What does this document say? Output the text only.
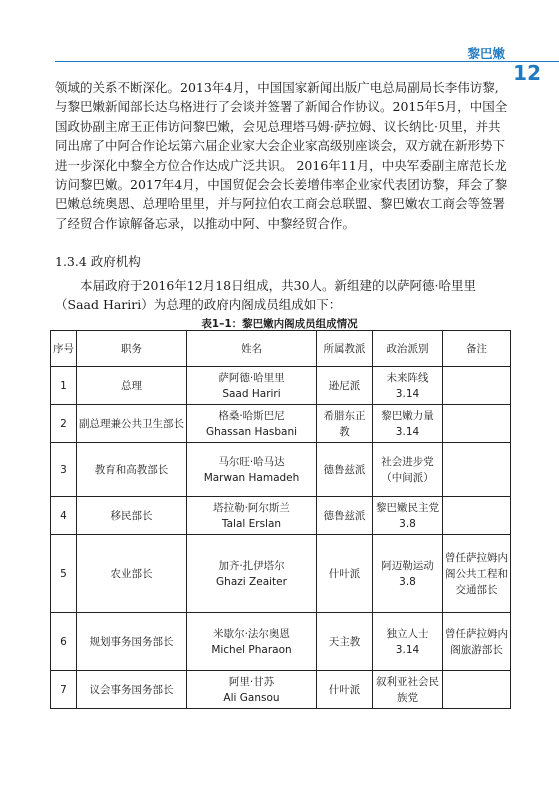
黎巴嫩
12

领域的关系不断深化。2013年4月，中国国家新闻出版广电总局副局长李伟访黎,与黎巴嫩新闻部长达乌格进行了会谈并签署了新闻合作协议。2015年5月，中国全国政协副主席王正伟访问黎巴嫩，会见总理塔马姆·萨拉姆、议长纳比·贝里，并共同出席了中阿合作论坛第六届企业家大会企业家高级别座谈会，双方就在新形势下进一步深化中黎全方位合作达成广泛共识。 2016年11月，中央军委副主席范长龙访问黎巴嫩。2017年4月，中国贸促会会长姜增伟率企业家代表团访黎，拜会了黎巴嫩总统奥恩、总理哈里里，并与阿拉伯农工商会总联盟、黎巴嫩农工商会等签署了经贸合作谅解备忘录，以推动中阿、中黎经贸合作。

1.3.4 政府机构

本届政府于2016年12月18日组成，共30人。新组建的以萨阿德·哈里里（Saad Hariri）为总理的政府内阁成员组成如下：

表1–1：黎巴嫩内阁成员组成情况
序号	职务	姓名	所属教派	政治派别	备注
1	总理	萨阿德·哈里里
Saad Hariri	逊尼派	未来阵线3.14	
2	副总理兼公共卫生部长	格桑·哈斯巴尼
Ghassan Hasbani	希腊东正教	黎巴嫩力量 3.14	
3	教育和高教部长	马尔旺·哈马达
Marwan Hamadeh	德鲁兹派	社会进步党（中间派）	
4	移民部长	塔拉勒·阿尔斯兰
Talal Erslan	德鲁兹派	黎巴嫩民主党 3.8	
5	农业部长	加齐·扎伊塔尔
Ghazi Zeaiter	什叶派	阿迈勒运动3.8	曾任萨拉姆内阁公共工程和交通部长
6	规划事务国务部长	米歇尔·法尔奥恩
Michel Pharaon	天主教	独立人士3.14	曾任萨拉姆内阁旅游部长
7	议会事务国务部长	阿里·甘苏
Ali Gansou	什叶派	叙利亚社会民族党	
